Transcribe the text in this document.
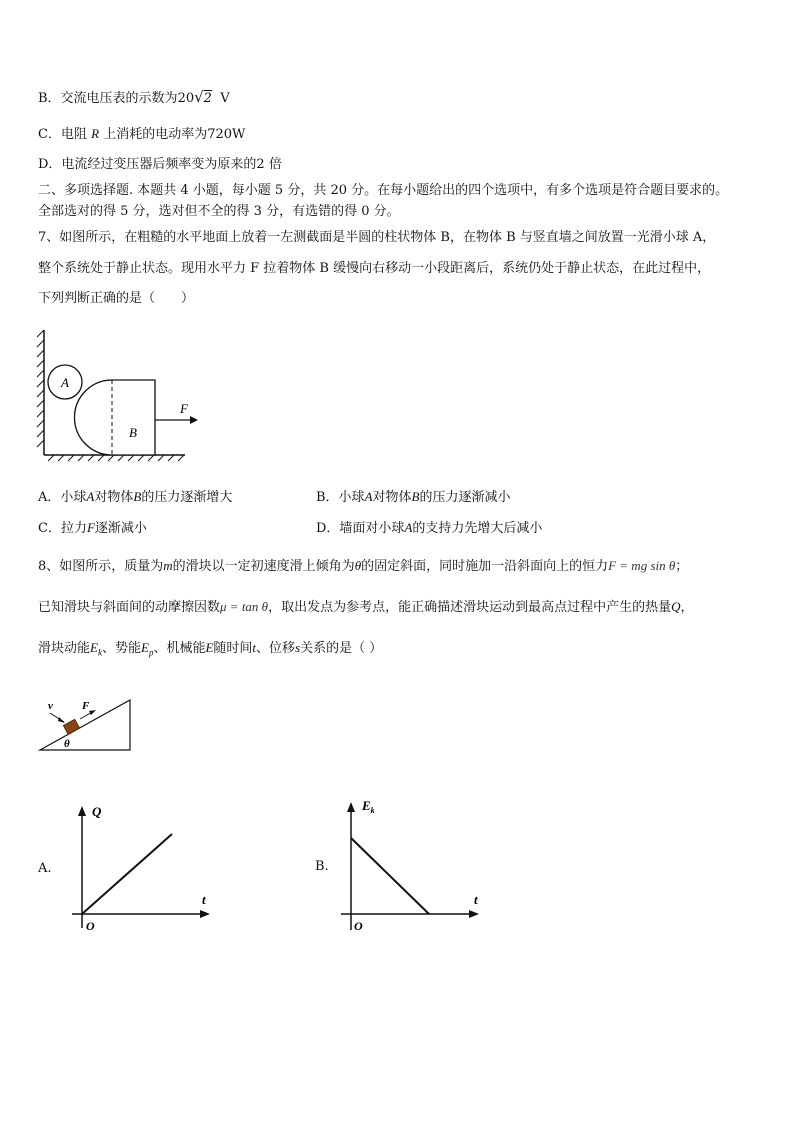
B．交流电压表的示数为20√2 V
C．电阻 R 上消耗的电动率为720W
D．电流经过变压器后频率变为原来的2 倍
二、多项选择题. 本题共 4 小题，每小题 5 分，共 20 分。在每小题给出的四个选项中，有多个选项是符合题目要求的。
全部选对的得 5 分，选对但不全的得 3 分，有选错的得 0 分。
7、如图所示，在粗糙的水平地面上放着一左测截面是半圆的柱状物体 B，在物体 B 与竖直墙之间放置一光滑小球 A，
整个系统处于静止状态。现用水平力 F 拉着物体 B 缓慢向右移动一小段距离后，系统仍处于静止状态，在此过程中，
下列判断正确的是（　　）
A
B
F
A．小球A对物体B的压力逐渐增大	B．小球A对物体B的压力逐渐减小
C．拉力F逐渐减小	D．墙面对小球A的支持力先增大后减小
8、如图所示，质量为m的滑块以一定初速度滑上倾角为θ的固定斜面，同时施加一沿斜面向上的恒力F = mg sin θ；
已知滑块与斜面间的动摩擦因数μ = tan θ，取出发点为参考点，能正确描述滑块运动到最高点过程中产生的热量Q，
滑块动能$E_k$、势能$E_p$、机械能E随时间t、位移s关系的是（ ）
v	F
θ
A.
Q
t
O
B.
$E_k$
t
O
